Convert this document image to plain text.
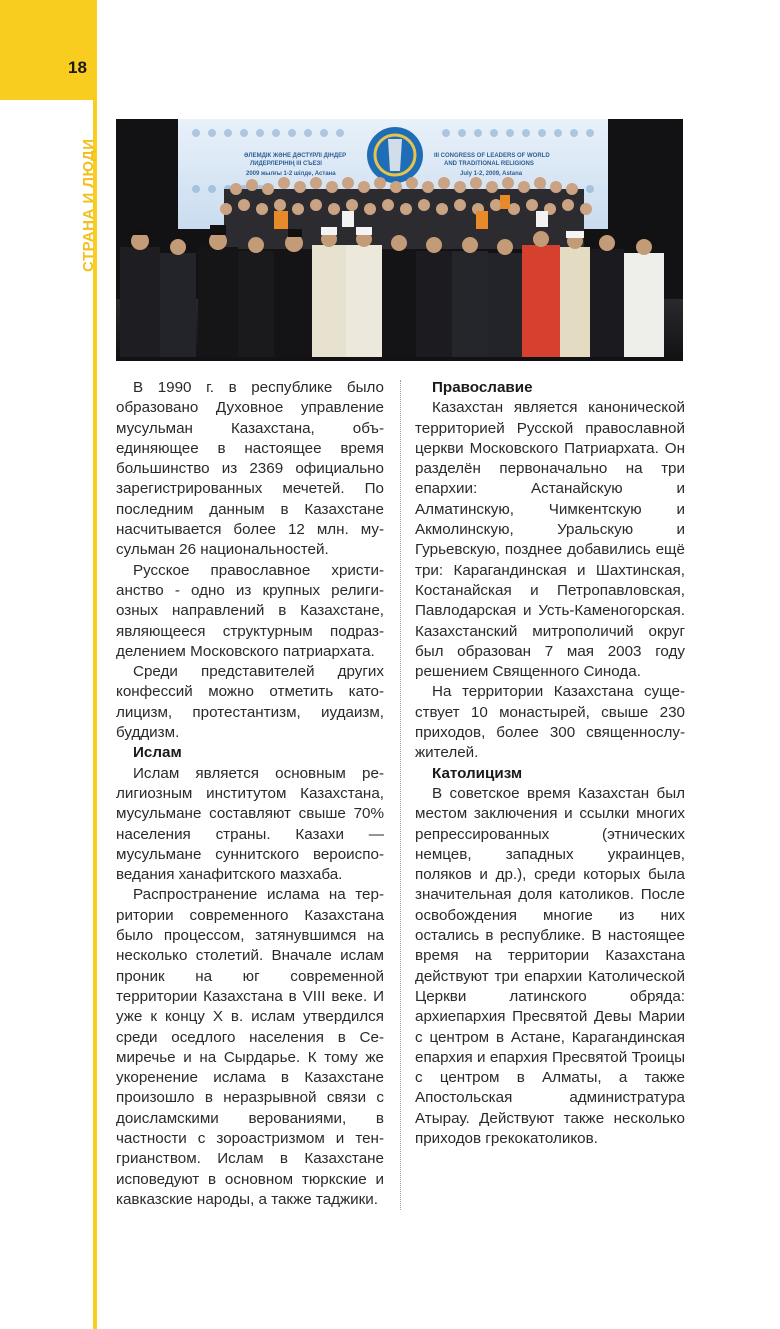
18
СТРАНА И ЛЮДИ	ӘЛЕМДІК ЖӘНЕ ДӘСТҮРЛІ ДІНДЕР
ЛИДЕРЛЕРІНІҢ III СЪЕЗІ
2009 жылғы 1-2 шілде, Астана
III CONGRESS OF LEADERS OF WORLD
AND TRADITIONAL RELIGIONS
July 1-2, 2009, Astana

В 1990 г. в республике было образовано Духовное управление мусульман Казахстана, объединяющее в настоящее время большинство из 2369 официально зарегистрированных мечетей. По последним данным в Казахстане насчитывается более 12 млн. мусульман 26 национальностей.

Русское православное христианство - одно из крупных религиозных направлений в Казахстане, являющееся структурным подразделением Московского патриархата.

Среди представителей других конфессий можно отметить католицизм, протестантизм, иудаизм, буддизм.

Ислам

Ислам является основным религиозным институтом Казахстана, мусульмане составляют свыше 70% населения страны. Казахи — мусульмане суннитского вероисповедания ханафитского мазхаба.

Распространение ислама на территории современного Казахстана было процессом, затянувшимся на несколько столетий. Вначале ислам проник на юг современной территории Казахстана в VIII веке. И уже к концу X в. ислам утвердился среди оседлого населения в Семиречье и на Сырдарье. К тому же укоренение ислама в Казахстане произошло в неразрывной связи с доисламскими верованиями, в частности с зороастризмом и тенгрианством. Ислам в Казахстане исповедуют в основном тюркские и кавказские народы, а также таджики.

Православие

Казахстан является канонической территорией Русской православной церкви Московского Патриархата. Он разделён первоначально на три епархии: Астанайскую и Алматинскую, Чимкентскую и Акмолинскую, Уральскую и Гурьевскую, позднее добавились ещё три: Карагандинская и Шахтинская, Костанайская и Петропавловская, Павлодарская и Усть-Каменогорская. Казахстанский митрополичий округ был образован 7 мая 2003 году решением Священного Синода.

На территории Казахстана существует 10 монастырей, свыше 230 приходов, более 300 священнослужителей.

Католицизм

В советское время Казахстан был местом заключения и ссылки многих репрессированных (этнических немцев, западных украинцев, поляков и др.), среди которых была значительная доля католиков. После освобождения многие из них остались в республике. В настоящее время на территории Казахстана действуют три епархии Католической Церкви латинского обряда: архиепархия Пресвятой Девы Марии с центром в Астане, Карагандинская епархия и епархия Пресвятой Троицы с центром в Алматы, а также Апостольская администратура Атырау. Действуют также несколько приходов грекокатоликов.
